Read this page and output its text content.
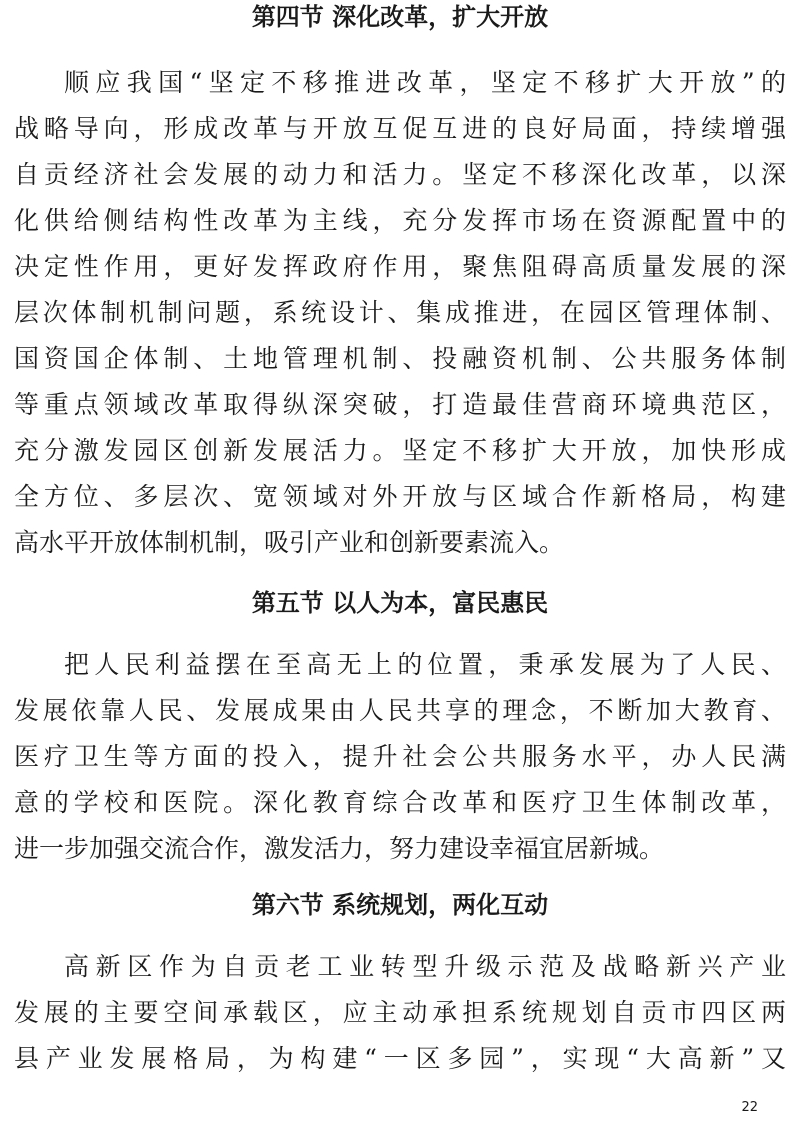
第四节 深化改革，扩大开放
顺应我国“坚定不移推进改革，坚定不移扩大开放”的
战略导向，形成改革与开放互促互进的良好局面，持续增强
自贡经济社会发展的动力和活力。坚定不移深化改革，以深
化供给侧结构性改革为主线，充分发挥市场在资源配置中的
决定性作用，更好发挥政府作用，聚焦阻碍高质量发展的深
层次体制机制问题，系统设计、集成推进，在园区管理体制、
国资国企体制、土地管理机制、投融资机制、公共服务体制
等重点领域改革取得纵深突破，打造最佳营商环境典范区，
充分激发园区创新发展活力。坚定不移扩大开放，加快形成
全方位、多层次、宽领域对外开放与区域合作新格局，构建
高水平开放体制机制，吸引产业和创新要素流入。
第五节 以人为本，富民惠民
把人民利益摆在至高无上的位置，秉承发展为了人民、
发展依靠人民、发展成果由人民共享的理念，不断加大教育、
医疗卫生等方面的投入，提升社会公共服务水平，办人民满
意的学校和医院。深化教育综合改革和医疗卫生体制改革，
进一步加强交流合作，激发活力，努力建设幸福宜居新城。
第六节 系统规划，两化互动
高新区作为自贡老工业转型升级示范及战略新兴产业
发展的主要空间承载区，应主动承担系统规划自贡市四区两
县产业发展格局，为构建“一区多园”，实现“大高新”又
22
